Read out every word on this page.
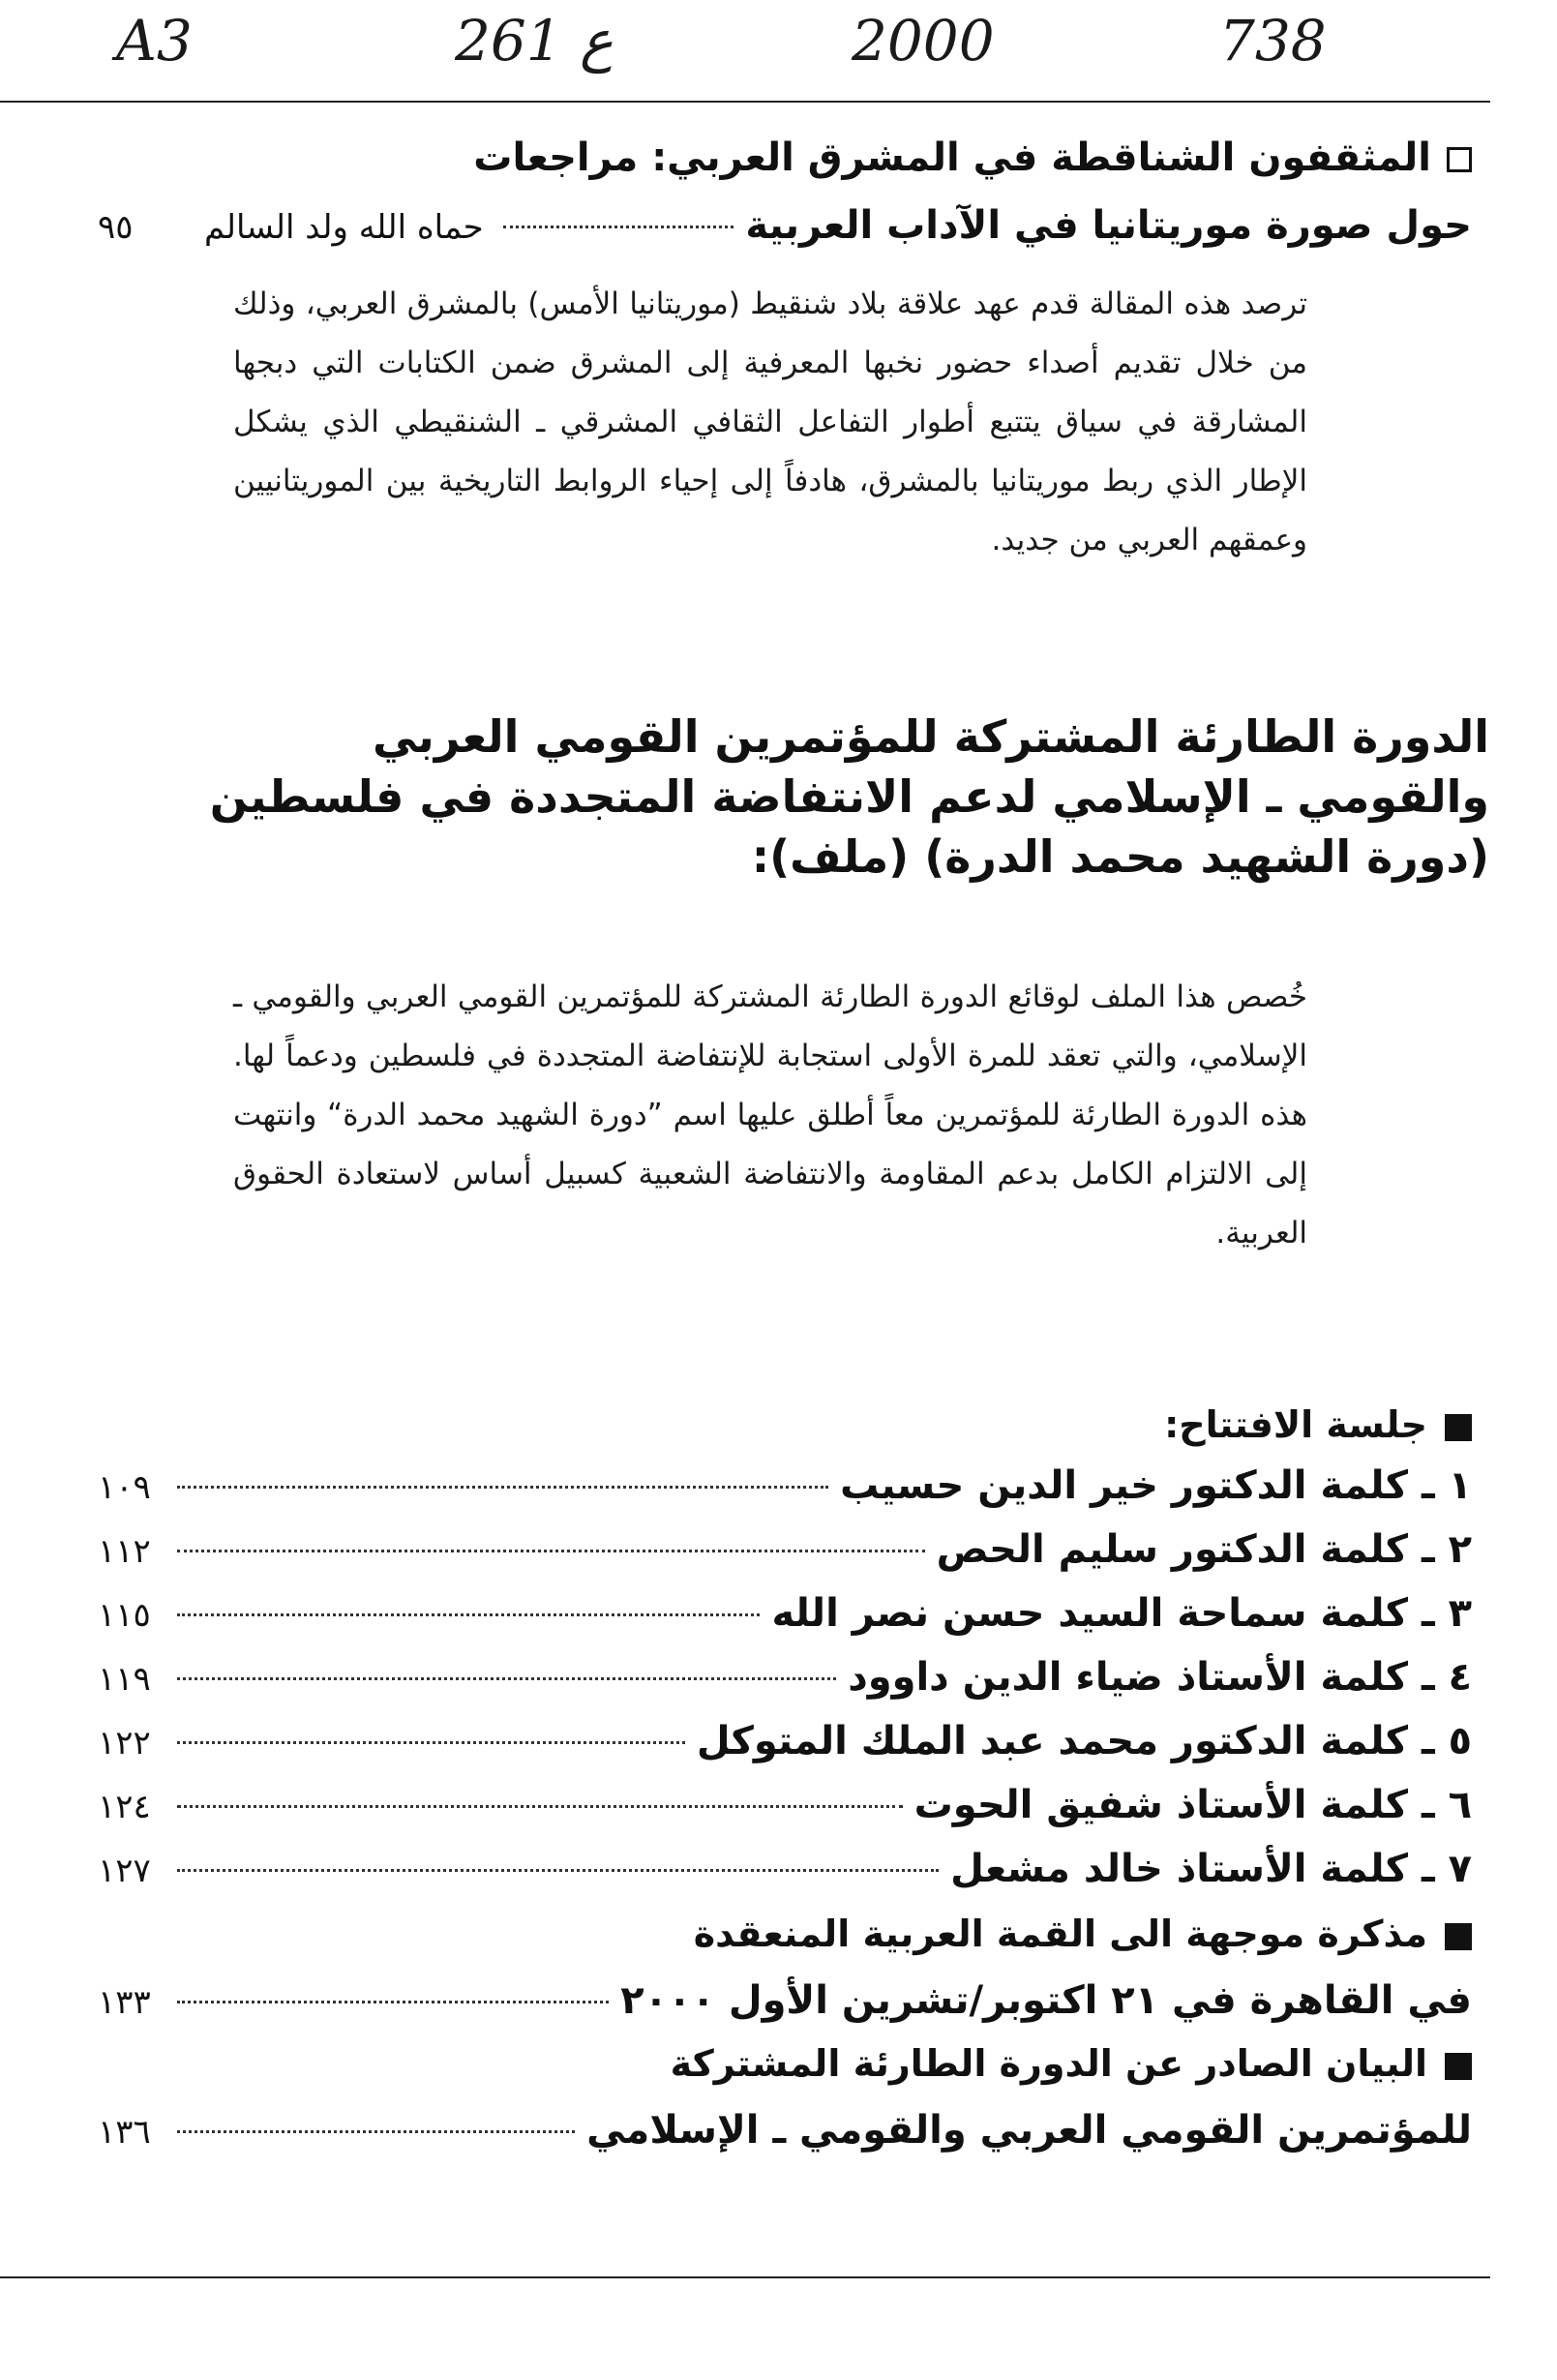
A3	261 ع	2000	738
المثقفون الشناقطة في المشرق العربي: مراجعات
حول صورة موريتانيا في الآداب العربية
حماه الله ولد السالم
٩٥
ترصد هذه المقالة قدم عهد علاقة بلاد شنقيط (موريتانيا الأمس) بالمشرق العربي، وذلك من خلال تقديم أصداء حضور نخبها المعرفية إلى المشرق ضمن الكتابات التي دبجها المشارقة في سياق يتتبع أطوار التفاعل الثقافي المشرقي ـ الشنقيطي الذي يشكل الإطار الذي ربط موريتانيا بالمشرق، هادفاً إلى إحياء الروابط التاريخية بين الموريتانيين وعمقهم العربي من جديد.
الدورة الطارئة المشتركة للمؤتمرين القومي العربي
والقومي ـ الإسلامي لدعم الانتفاضة المتجددة في فلسطين
(دورة الشهيد محمد الدرة) (ملف):
خُصص هذا الملف لوقائع الدورة الطارئة المشتركة للمؤتمرين القومي العربي والقومي ـ الإسلامي، والتي تعقد للمرة الأولى استجابة للإنتفاضة المتجددة في فلسطين ودعماً لها. هذه الدورة الطارئة للمؤتمرين معاً أطلق عليها اسم ”دورة الشهيد محمد الدرة“ وانتهت إلى الالتزام الكامل بدعم المقاومة والانتفاضة الشعبية كسبيل أساس لاستعادة الحقوق العربية.
جلسة الافتتاح:
١ ـ كلمة الدكتور خير الدين حسيب
١٠٩
٢ ـ كلمة الدكتور سليم الحص
١١٢
٣ ـ كلمة سماحة السيد حسن نصر الله
١١٥
٤ ـ كلمة الأستاذ ضياء الدين داوود
١١٩
٥ ـ كلمة الدكتور محمد عبد الملك المتوكل
١٢٢
٦ ـ كلمة الأستاذ شفيق الحوت
١٢٤
٧ ـ كلمة الأستاذ خالد مشعل
١٢٧
مذكرة موجهة الى القمة العربية المنعقدة
في القاهرة في ٢١ اكتوبر/تشرين الأول ٢٠٠٠
١٣٣
البيان الصادر عن الدورة الطارئة المشتركة
للمؤتمرين القومي العربي والقومي ـ الإسلامي
١٣٦
